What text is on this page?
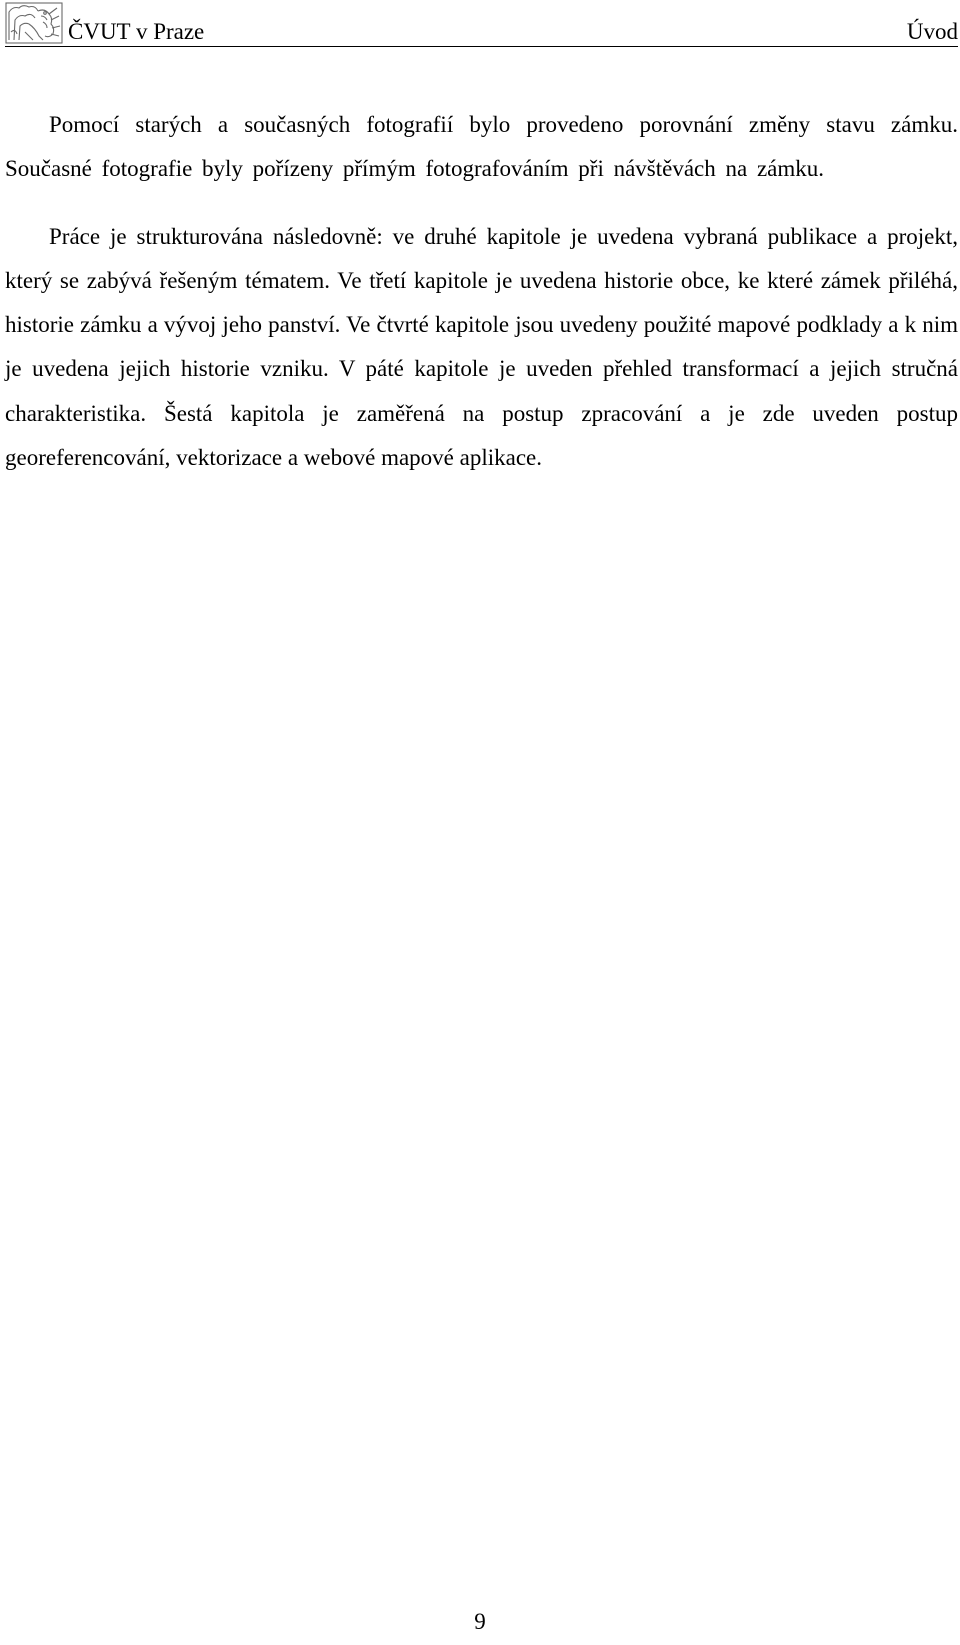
ČVUT v Praze	Úvod

Pomocí starých a současných fotografií bylo provedeno porovnání změny stavu zámku. Současné fotografie byly pořízeny přímým fotografováním při návštěvách na zámku.

Práce je strukturována následovně: ve druhé kapitole je uvedena vybraná publikace a projekt, který se zabývá řešeným tématem. Ve třetí kapitole je uvedena historie obce, ke které zámek přiléhá, historie zámku a vývoj jeho panství. Ve čtvrté kapitole jsou uvedeny použité mapové podklady a k nim je uvedena jejich historie vzniku. V páté kapitole je uveden přehled transformací a jejich stručná charakteristika. Šestá kapitola je zaměřená na postup zpracování a je zde uveden postup georeferencování, vektorizace a webové mapové aplikace.

9
